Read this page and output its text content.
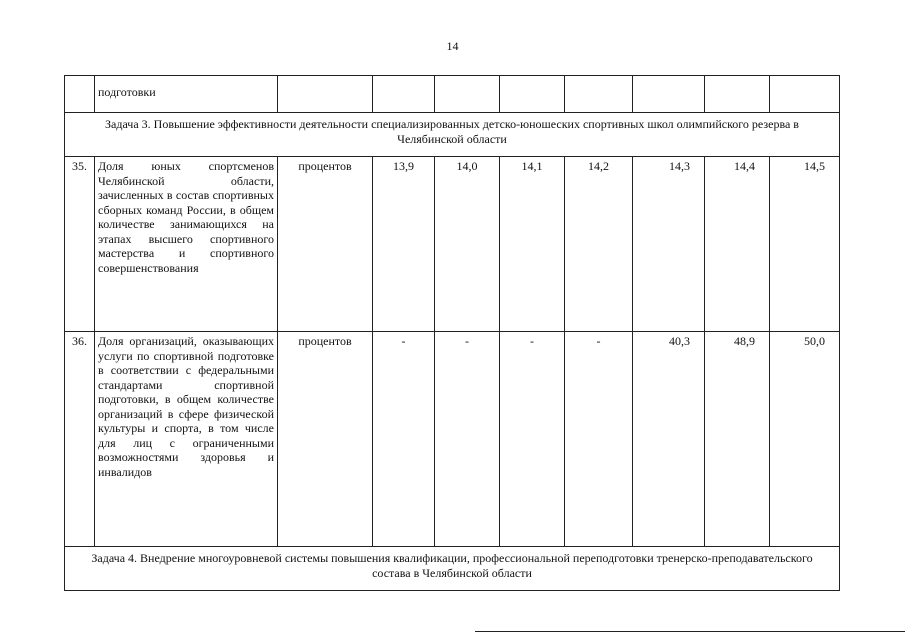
14
	подготовки								
Задача 3. Повышение эффективности деятельности специализированных детско-юношеских спортивных школ олимпийского резерва в Челябинской области									
35.	Доля юных спортсменов Челябинской области, зачисленных в состав спортивных сборных команд России, в общем количестве занимающихся на этапах высшего спортивного мастерства и спортивного совершенствования	процентов	13,9	14,0	14,1	14,2	14,3	14,4	14,5
36.	Доля организаций, оказывающих услуги по спортивной подготовке в соответствии с федеральными стандартами спортивной подготовки, в общем количестве организаций в сфере физической культуры и спорта, в том числе для лиц с ограниченными возможностями здоровья и инвалидов	процентов	-	-	-	-	40,3	48,9	50,0
Задача 4. Внедрение многоуровневой системы повышения квалификации, профессиональной переподготовки тренерско-преподавательского состава в Челябинской области									
